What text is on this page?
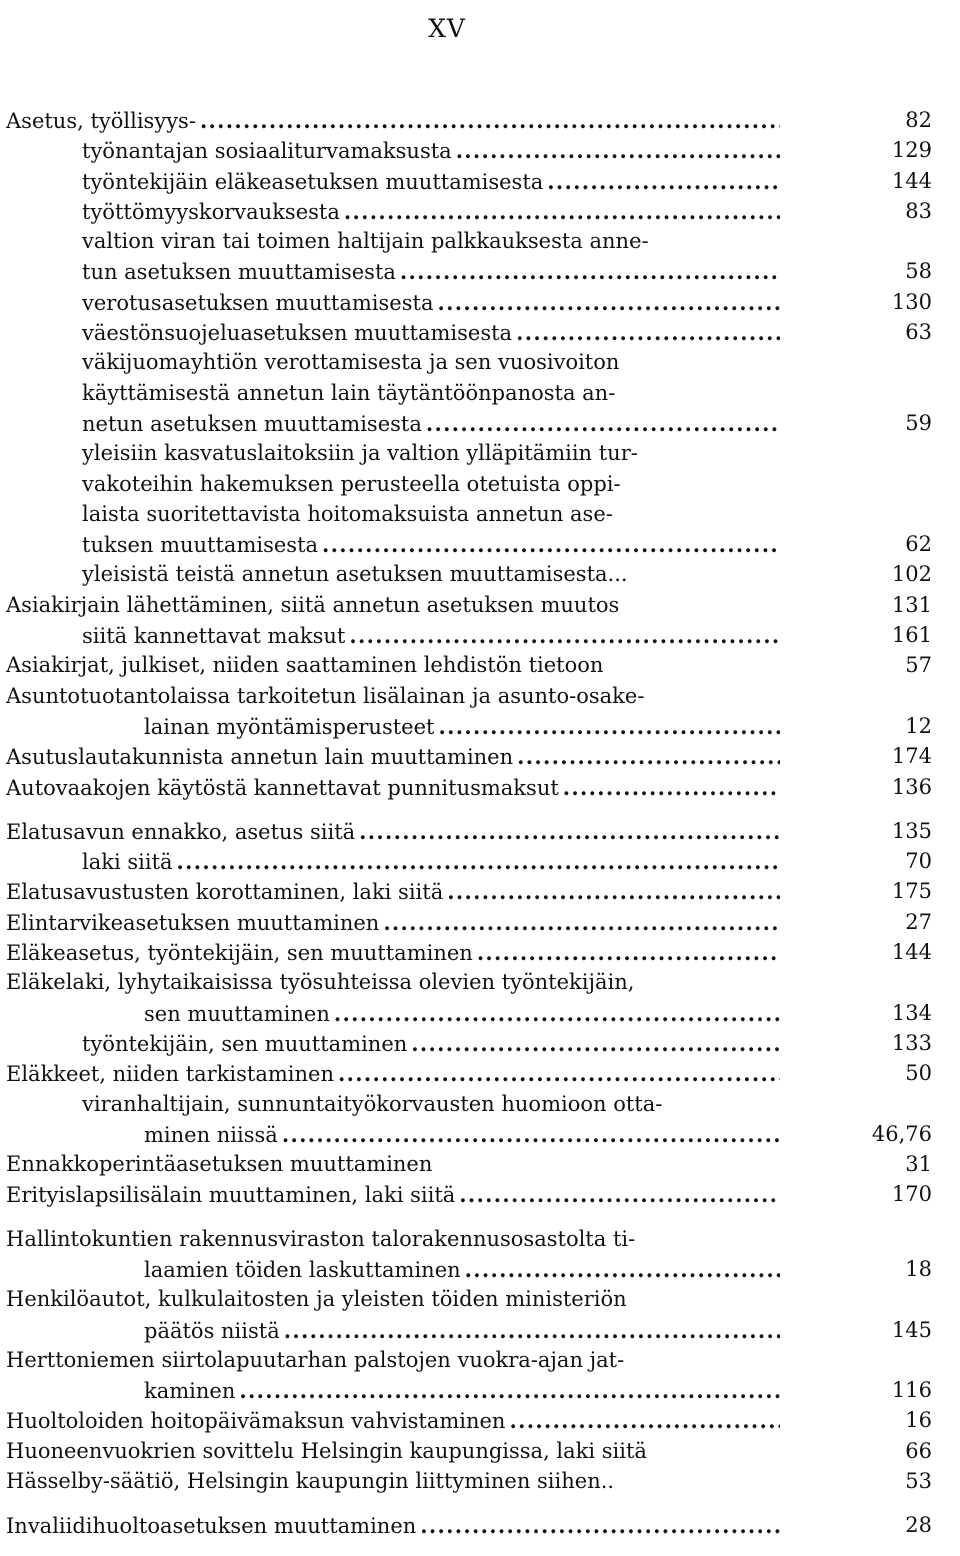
XV
Asetus, työllisyys- . . .	82
työnantajan sosiaaliturvamaksusta . . .	129
työntekijäin eläkeasetuksen muuttamisesta . . .	144
työttömyyskorvauksesta . . .	83
valtion viran tai toimen haltijain palkkauksesta anne-
tun asetuksen muuttamisesta . . .	58
verotusasetuksen muuttamisesta . . .	130
väestönsuojeluasetuksen muuttamisesta . . .	63
väkijuomayhtiön verottamisesta ja sen vuosivoiton
käyttämisestä annetun lain täytäntöönpanosta an-
netun asetuksen muuttamisesta . . .	59
yleisiin kasvatuslaitoksiin ja valtion ylläpitämiin tur-
vakoteihin hakemuksen perusteella otetuista oppi-
laista suoritettavista hoitomaksuista annetun ase-
tuksen muuttamisesta . . .	62
yleisistä teistä annetun asetuksen muuttamisesta...	102
Asiakirjain lähettäminen, siitä annetun asetuksen muutos	131
siitä kannettavat maksut . . .	161
Asiakirjat, julkiset, niiden saattaminen lehdistön tietoon	57
Asuntotuotantolaissa tarkoitetun lisälainan ja asunto-osake-
lainan myöntämisperusteet . . .	12
Asutuslautakunnista annetun lain muuttaminen . . .	174
Autovaakojen käytöstä kannettavat punnitusmaksut . . .	136
Elatusavun ennakko, asetus siitä . . .	135
laki siitä . . .	70
Elatusavustusten korottaminen, laki siitä . . .	175
Elintarvikeasetuksen muuttaminen . . .	27
Eläkeasetus, työntekijäin, sen muuttaminen . . .	144
Eläkelaki, lyhytaikaisissa työsuhteissa olevien työntekijäin,
sen muuttaminen . . .	134
työntekijäin, sen muuttaminen . . .	133
Eläkkeet, niiden tarkistaminen . . .	50
viranhaltijain, sunnuntaityökorvausten huomioon otta-
minen niissä . . .	46,76
Ennakkoperintäasetuksen muuttaminen	31
Erityislapsilisälain muuttaminen, laki siitä . . .	170
Hallintokuntien rakennusviraston talorakennusosastolta ti-
laamien töiden laskuttaminen . . .	18
Henkilöautot, kulkulaitosten ja yleisten töiden ministeriön
päätös niistä . . .	145
Herttoniemen siirtolapuutarhan palstojen vuokra-ajan jat-
kaminen . . .	116
Huoltoloiden hoitopäivämaksun vahvistaminen . . .	16
Huoneenvuokrien sovittelu Helsingin kaupungissa, laki siitä	66
Hässelby-säätiö, Helsingin kaupungin liittyminen siihen..	53
Invaliidihuoltoasetuksen muuttaminen . . .	28
